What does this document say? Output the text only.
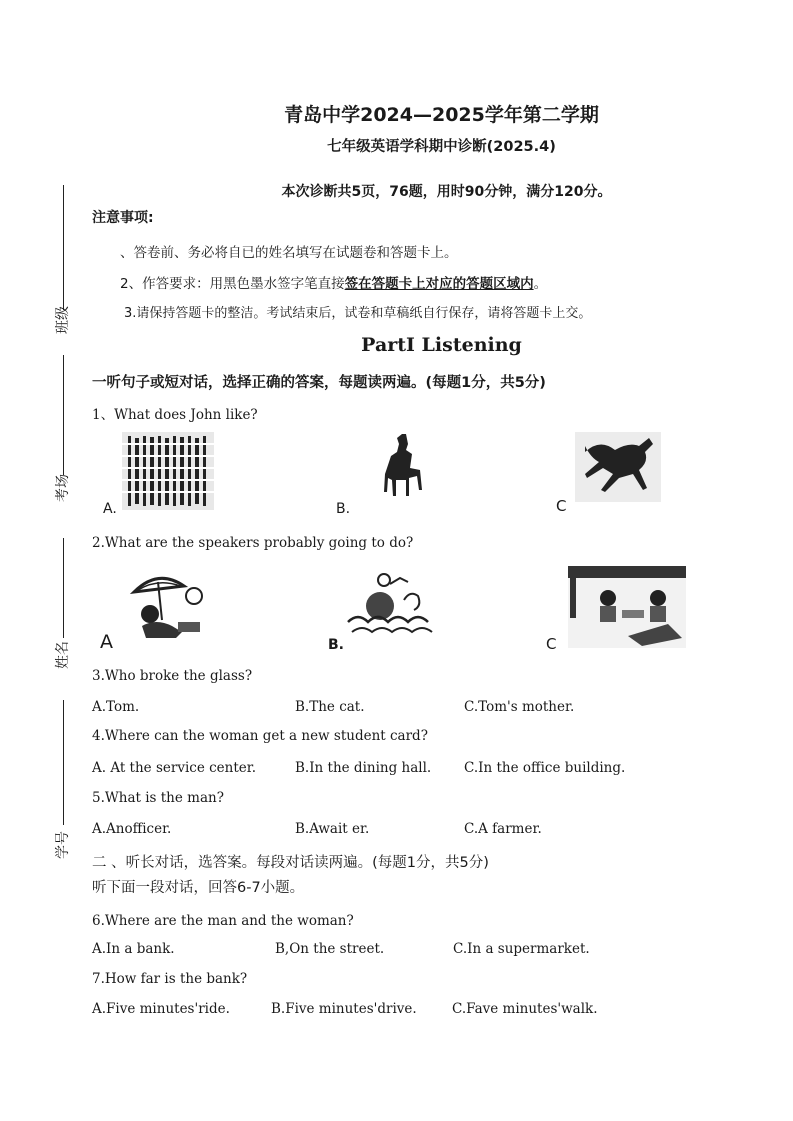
班级
考场
姓名
学号
青岛中学2024—2025学年第二学期
七年级英语学科期中诊断(2025.4)
本次诊断共5页，76题，用时90分钟，满分120分。
注意事项:
、答卷前、务必将自已的姓名填写在试题卷和答题卡上。
2、作答要求：用黑色墨水签字笔直接签在答题卡上对应的答题区域内。
3.请保持答题卡的整洁。考试结束后，试卷和草稿纸自行保存，请将答题卡上交。
PartI Listening
一听句子或短对话，选择正确的答案，每题读两遍。(每题1分，共5分)
1、What does John like?
A.	B.	C
2.What are the speakers probably going to do?
A	B.	C
3.Who broke the glass?
A.Tom.	B.The cat.	C.Tom's mother.
4.Where can the woman get a new student card?
A. At the service center.	B.In the dining hall. C.In the office building.
5.What is the man?
A.Anofficer.	B.Await er.	C.A farmer.
二 、听长对话，选答案。每段对话读两遍。(每题1分，共5分)
听下面一段对话，回答6-7小题。
6.Where are the man and the woman?
A.In a bank.	B,On the street.	C.In a supermarket.
7.How far is the bank?
A.Five minutes'ride.	B.Five minutes'drive.	C.Fave minutes'walk.
